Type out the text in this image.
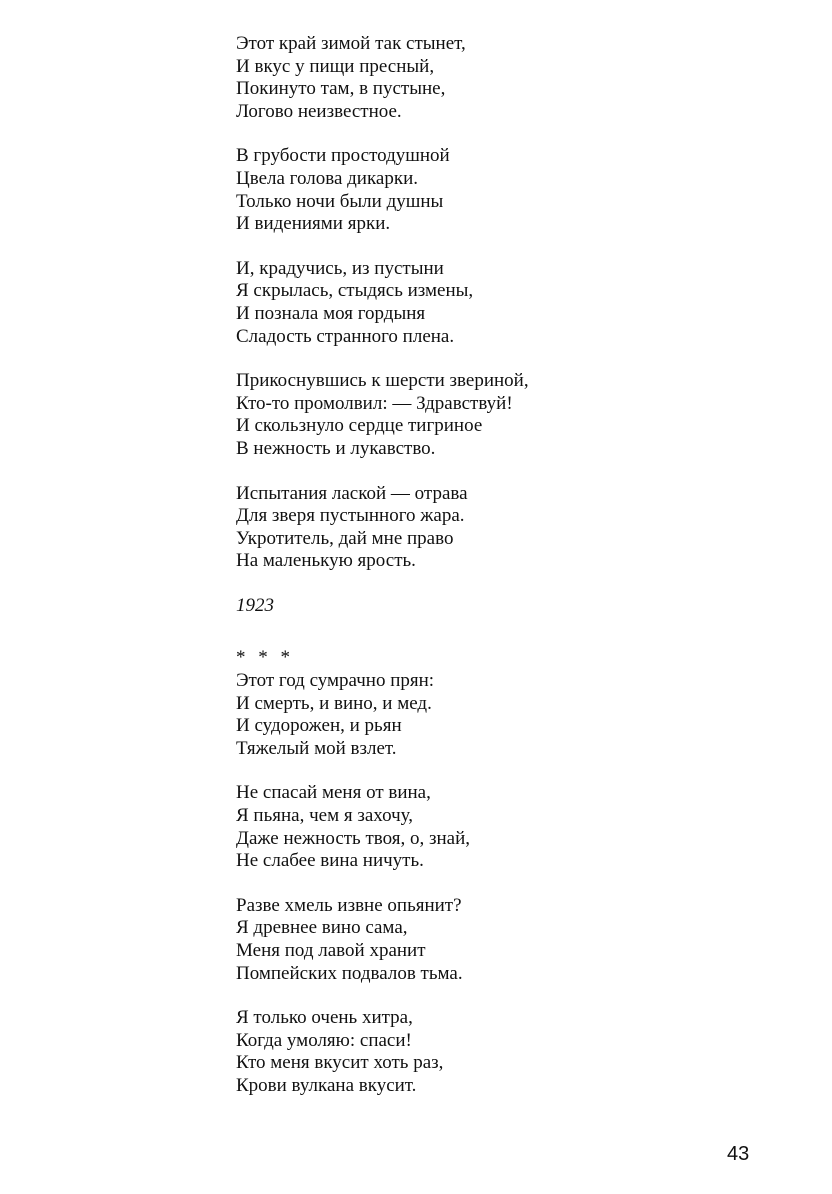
Этот край зимой так стынет,
И вкус у пищи пресный,
Покинуто там, в пустыне,
Логово неизвестное.
В грубости простодушной
Цвела голова дикарки.
Только ночи были душны
И видениями ярки.
И, крадучись, из пустыни
Я скрылась, стыдясь измены,
И познала моя гордыня
Сладость странного плена.
Прикоснувшись к шерсти звериной,
Кто-то промолвил: — Здравствуй!
И скользнуло сердце тигриное
В нежность и лукавство.
Испытания лаской — отрава
Для зверя пустынного жара.
Укротитель, дай мне право
На маленькую ярость.
1923
* * *
Этот год сумрачно прян:
И смерть, и вино, и мед.
И судорожен, и рьян
Тяжелый мой взлет.
Не спасай меня от вина,
Я пьяна, чем я захочу,
Даже нежность твоя, о, знай,
Не слабее вина ничуть.
Разве хмель извне опьянит?
Я древнее вино сама,
Меня под лавой хранит
Помпейских подвалов тьма.
Я только очень хитра,
Когда умоляю: спаси!
Кто меня вкусит хоть раз,
Крови вулкана вкусит.
43
